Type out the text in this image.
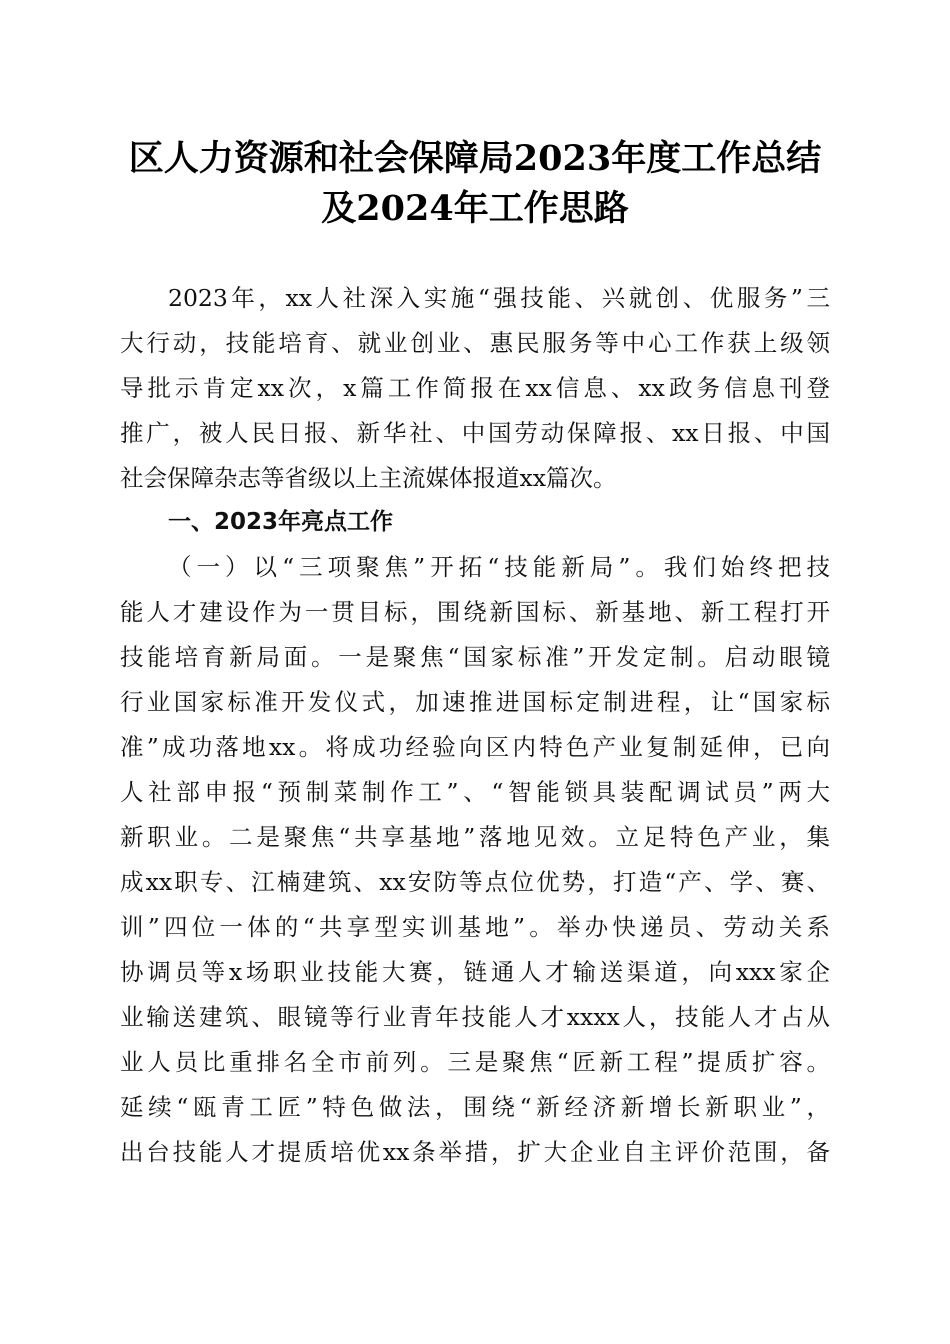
区人力资源和社会保障局2023年度工作总结
及2024年工作思路
2023年，xx人社深入实施“强技能、兴就创、优服务”三
大行动，技能培育、就业创业、惠民服务等中心工作获上级领
导批示肯定xx次，x篇工作简报在xx信息、xx政务信息刊登
推广，被人民日报、新华社、中国劳动保障报、xx日报、中国
社会保障杂志等省级以上主流媒体报道xx篇次。
一、2023年亮点工作
（一）以“三项聚焦”开拓“技能新局”。我们始终把技
能人才建设作为一贯目标，围绕新国标、新基地、新工程打开
技能培育新局面。一是聚焦“国家标准”开发定制。启动眼镜
行业国家标准开发仪式，加速推进国标定制进程，让“国家标
准”成功落地xx。将成功经验向区内特色产业复制延伸，已向
人社部申报“预制菜制作工”、“智能锁具装配调试员”两大
新职业。二是聚焦“共享基地”落地见效。立足特色产业，集
成xx职专、江楠建筑、xx安防等点位优势，打造“产、学、赛、
训”四位一体的“共享型实训基地”。举办快递员、劳动关系
协调员等x场职业技能大赛，链通人才输送渠道，向xxx家企
业输送建筑、眼镜等行业青年技能人才xxxx人，技能人才占从
业人员比重排名全市前列。三是聚焦“匠新工程”提质扩容。
延续“瓯青工匠”特色做法，围绕“新经济新增长新职业”，
出台技能人才提质培优xx条举措，扩大企业自主评价范围，备
